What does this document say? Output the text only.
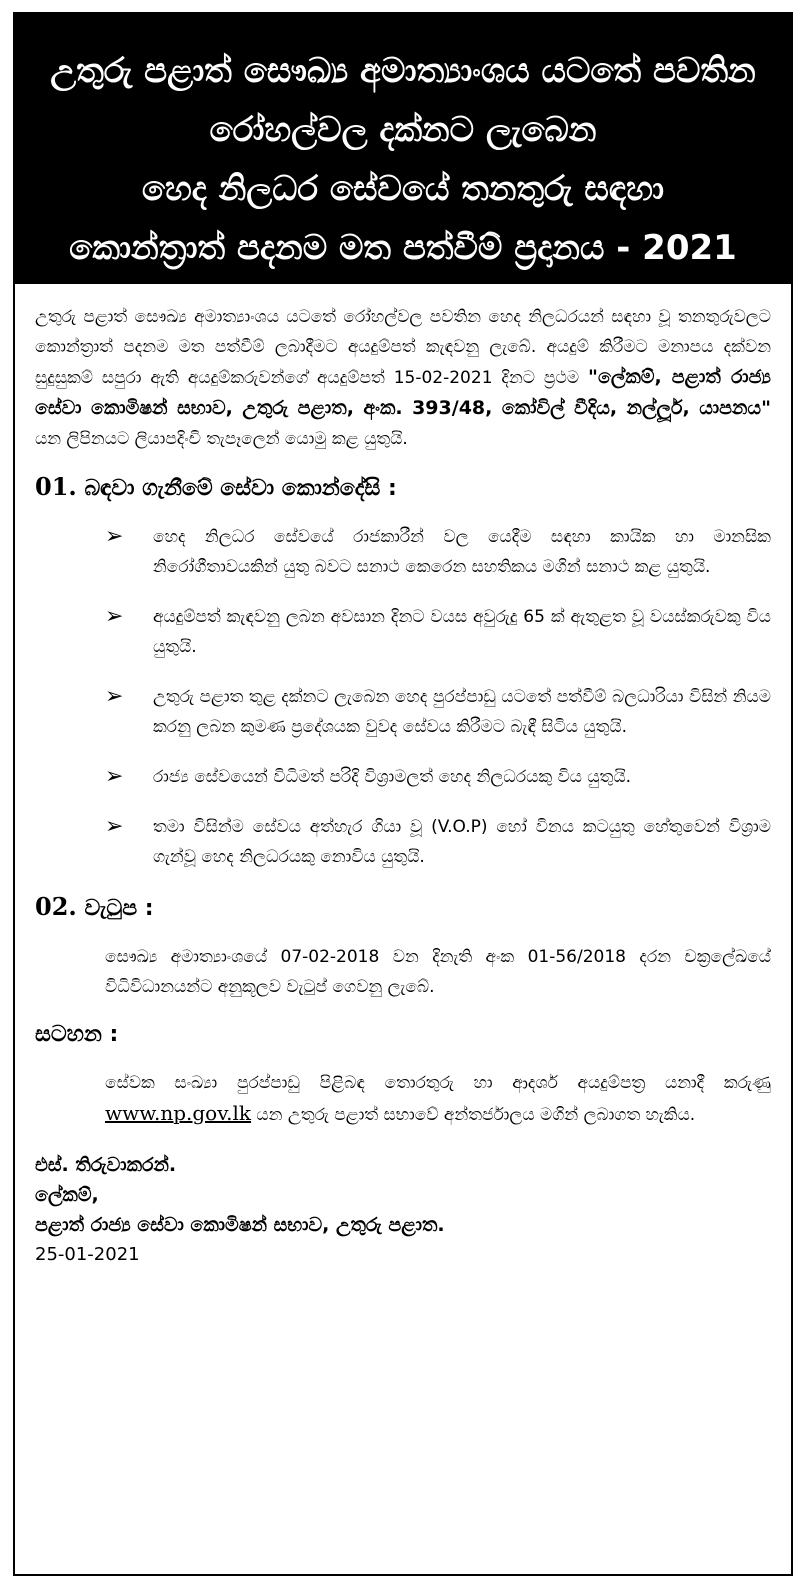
උතුරු පළාත් සෞඛ්‍ය අමාත්‍යාංශය යටතේ පවතින
රෝහල්වල දක්නට ලැබෙන
හෙද නිලධර සේවයේ තනතුරු සඳහා
කොන්ත්‍රාත් පදනම මත පත්වීම් ප්‍රදානය - 2021

උතුරු පළාත් සෞඛ්‍ය අමාත්‍යාංශය යටතේ රෝහල්වල පවතින හෙද නිලධරයන් සඳහා වූ තනතුරුවලට කොන්ත්‍රාත් පදනම මත පත්වීම් ලබාදීමට අයදුම්පත් කැඳවනු ලැබේ. අයදුම් කිරීමට මනාපය දක්වන සුදුසුකම් සපුරා ඇති අයදුම්කරුවන්ගේ අයදුම්පත් 15-02-2021 දිනට ප්‍රථම "ලේකම්, පළාත් රාජ්‍ය සේවා කොමිෂන් සභාව, උතුරු පළාත, අංක. 393/48, කෝවිල් වීදිය, නල්ලූර්, යාපනය" යන ලිපිනයට ලියාපදිංචි තැපෑලෙන් යොමු කළ යුතුයි.

01. බඳවා ගැනීමේ සේවා කොන්දේසි :
➢ හෙද නිලධර සේවයේ රාජකාරීන් වල යෙදීම සඳහා කායික හා මානසික නිරෝගීතාවයකින් යුතු බවට සනාථ කෙරෙන සහතිකය මගින් සනාථ කළ යුතුයි.
➢ අයදුම්පත් කැඳවනු ලබන අවසාන දිනට වයස අවුරුදු 65 ක් ඇතුළත වූ වයස්කරුවකු විය යුතුයි.
➢ උතුරු පළාත තුළ දක්නට ලැබෙන හෙද පුරප්පාඩු යටතේ පත්වීම් බලධාරියා විසින් නියම කරනු ලබන කුමණ ප්‍රදේශයක වුවද සේවය කිරීමට බැඳී සිටිය යුතුයි.
➢ රාජ්‍ය සේවයෙන් විධිමත් පරිදි විශ්‍රාමලත් හෙද නිලධරයකු විය යුතුයි.
➢ තමා විසින්ම සේවය අත්හැර ගියා වූ (V.O.P) හෝ විනය කටයුතු හේතුවෙන් විශ්‍රාම ගැන්වූ හෙද නිලධරයකු නොවිය යුතුයි.
02. වැටුප :

සෞඛ්‍ය අමාත්‍යාංශයේ 07-02-2018 වන දිනැති අංක 01-56/2018 දරන චක්‍රලේඛයේ විධිවිධානයන්ට අනුකූලව වැටුප් ගෙවනු ලැබේ.

සටහන :

සේවක සංඛ්‍යා පුරප්පාඩු පිළිබඳ තොරතුරු හා ආදර්ශ අයදුම්පත්‍ර යනාදී කරුණු www.np.gov.lk යන උතුරු පළාත් සභාවේ අන්තර්ජාලය මගින් ලබාගත හැකිය.

එස්. තිරුවාකරන්.
ලේකම්,
පළාත් රාජ්‍ය සේවා කොමිෂන් සභාව, උතුරු පළාත.
25-01-2021
